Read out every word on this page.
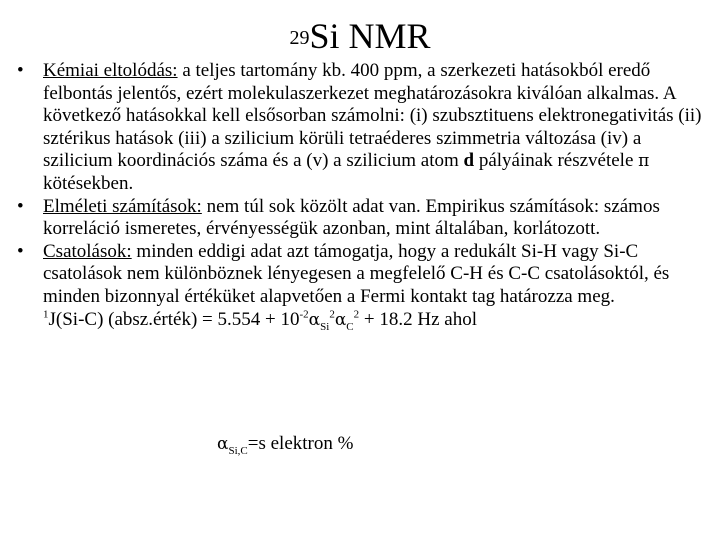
$^{29}$Si NMR
• Kémiai eltolódás: a teljes tartomány kb. 400 ppm, a szerkezeti hatásokból eredő felbontás jelentős, ezért molekulaszerkezet meghatározásokra kiválóan alkalmas. A következő hatásokkal kell elsősorban számolni: (i) szubsztituens elektronegativitás (ii) sztérikus hatások (iii) a szilicium körüli tetraéderes szimmetria változása (iv) a szilicium koordinációs száma és a (v) a szilicium atom d pályáinak részvétele π kötésekben.
• Elméleti számítások: nem túl sok közölt adat van. Empirikus számítások: számos korreláció ismeretes, érvényességük azonban, mint általában, korlátozott.
• Csatolások: minden eddigi adat azt támogatja, hogy a redukált Si-H vagy Si-C csatolások nem különböznek lényegesen a megfelelő C-H és C-C csatolásoktól, és minden bizonnyal értéküket alapvetően a Fermi kontakt tag határozza meg.
$^1$J(Si-C) (absz.érték) = $5.554 + 10^{-2}\alpha_{Si}^2\alpha_C^2 + 18.2$ Hz ahol
$\alpha_{Si,C}=s$ elektron %
